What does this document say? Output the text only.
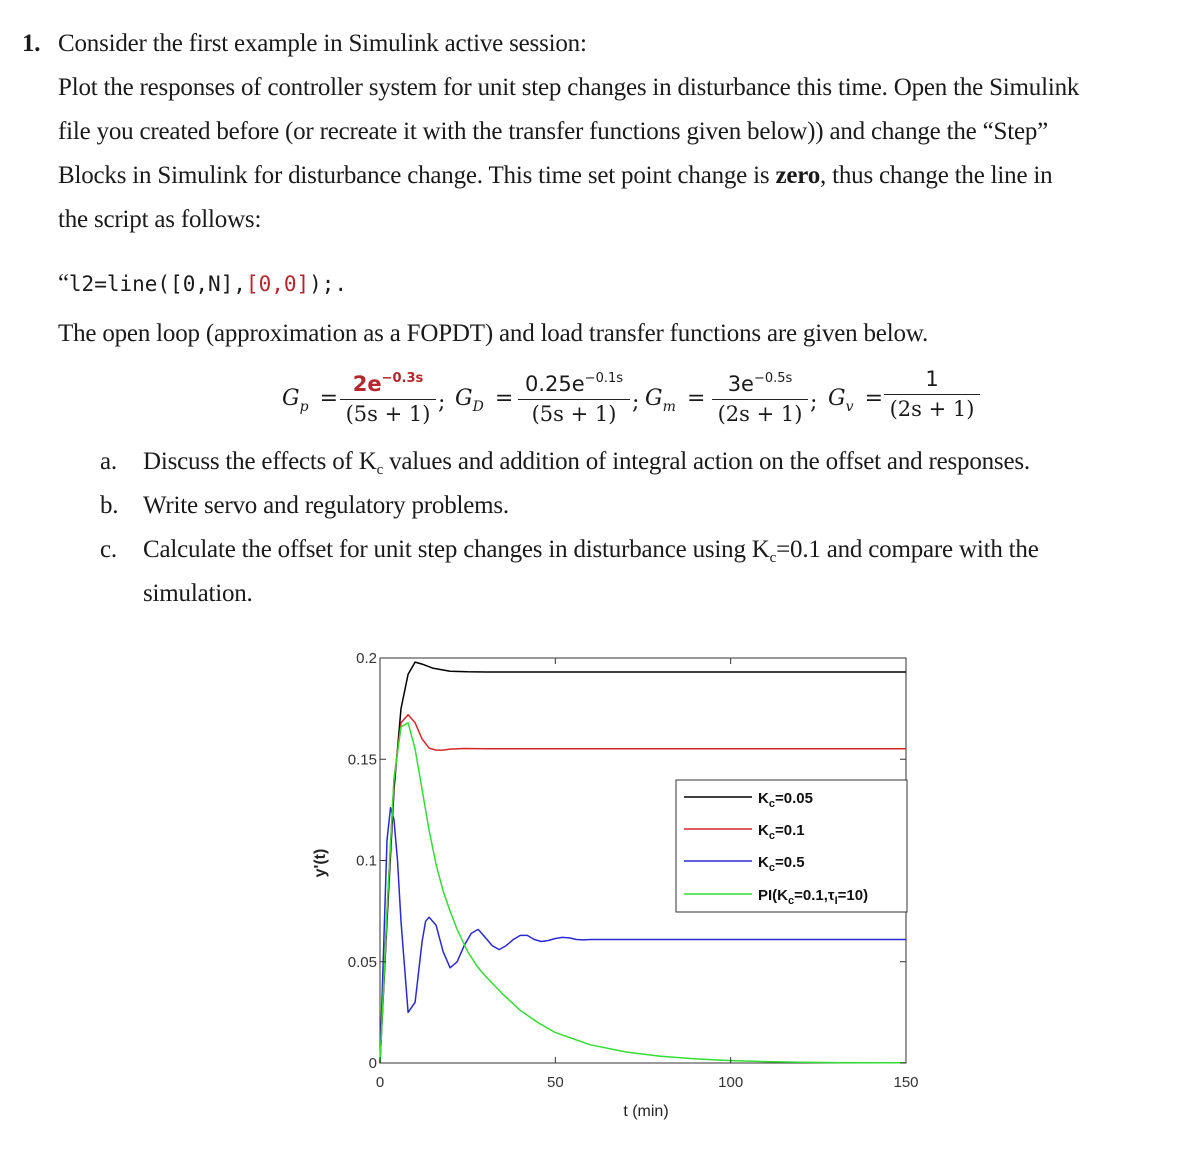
1. Consider the first example in Simulink active session:
Plot the responses of controller system for unit step changes in disturbance this time. Open the Simulink
file you created before (or recreate it with the transfer functions given below)) and change the “Step”
Blocks in Simulink for disturbance change. This time set point change is zero, thus change the line in
the script as follows:
“l2=line([0,N],[0,0]);.
The open loop (approximation as a FOPDT) and load transfer functions are given below.
Gp =
$2e^{-0.3s}$
(5s + 1) ; GD =
$0.25e^{-0.1s}$
(5s + 1) ; Gm =
$3e^{-0.5s}$
(2s + 1) ; Gv =
1
(2s + 1)
a. Discuss the effects of $K_c$ values and addition of integral action on the offset and responses.
b. Write servo and regulatory problems.
c. Calculate the offset for unit step changes in disturbance using $K_c=0.1$ and compare with the
simulation.
0	50	100	150
0
0.05
0.1
0.15
0.2
t (min)
y'(t)
$K_c=0.05$
$K_c=0.1$
$K_c=0.5$
$PI(K_c=0.1,\tau_I=10)$
